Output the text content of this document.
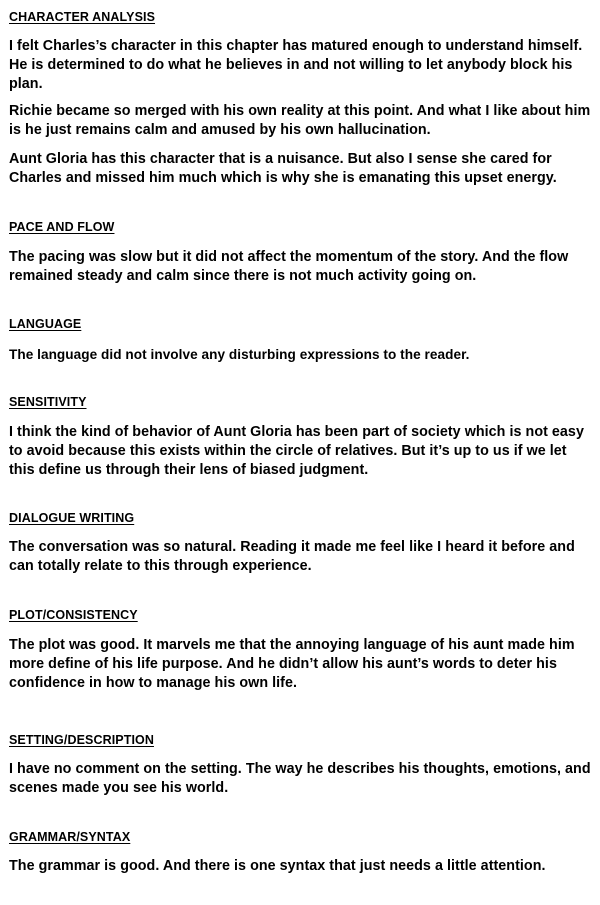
CHARACTER ANALYSIS

I felt Charles’s character in this chapter has matured enough to understand himself. He is determined to do what he believes in and not willing to let anybody block his plan.

Richie became so merged with his own reality at this point. And what I like about him is he just remains calm and amused by his own hallucination.

Aunt Gloria has this character that is a nuisance. But also I sense she cared for Charles and missed him much which is why she is emanating this upset energy.

PACE AND FLOW

The pacing was slow but it did not affect the momentum of the story. And the flow remained steady and calm since there is not much activity going on.

LANGUAGE

The language did not involve any disturbing expressions to the reader.

SENSITIVITY

I think the kind of behavior of Aunt Gloria has been part of society which is not easy to avoid because this exists within the circle of relatives. But it’s up to us if we let this define us through their lens of biased judgment.

DIALOGUE WRITING

The conversation was so natural. Reading it made me feel like I heard it before and can totally relate to this through experience.

PLOT/CONSISTENCY

The plot was good. It marvels me that the annoying language of his aunt made him more define of his life purpose. And he didn’t allow his aunt’s words to deter his confidence in how to manage his own life.

SETTING/DESCRIPTION

I have no comment on the setting. The way he describes his thoughts, emotions, and scenes made you see his world.

GRAMMAR/SYNTAX

The grammar is good. And there is one syntax that just needs a little attention.
